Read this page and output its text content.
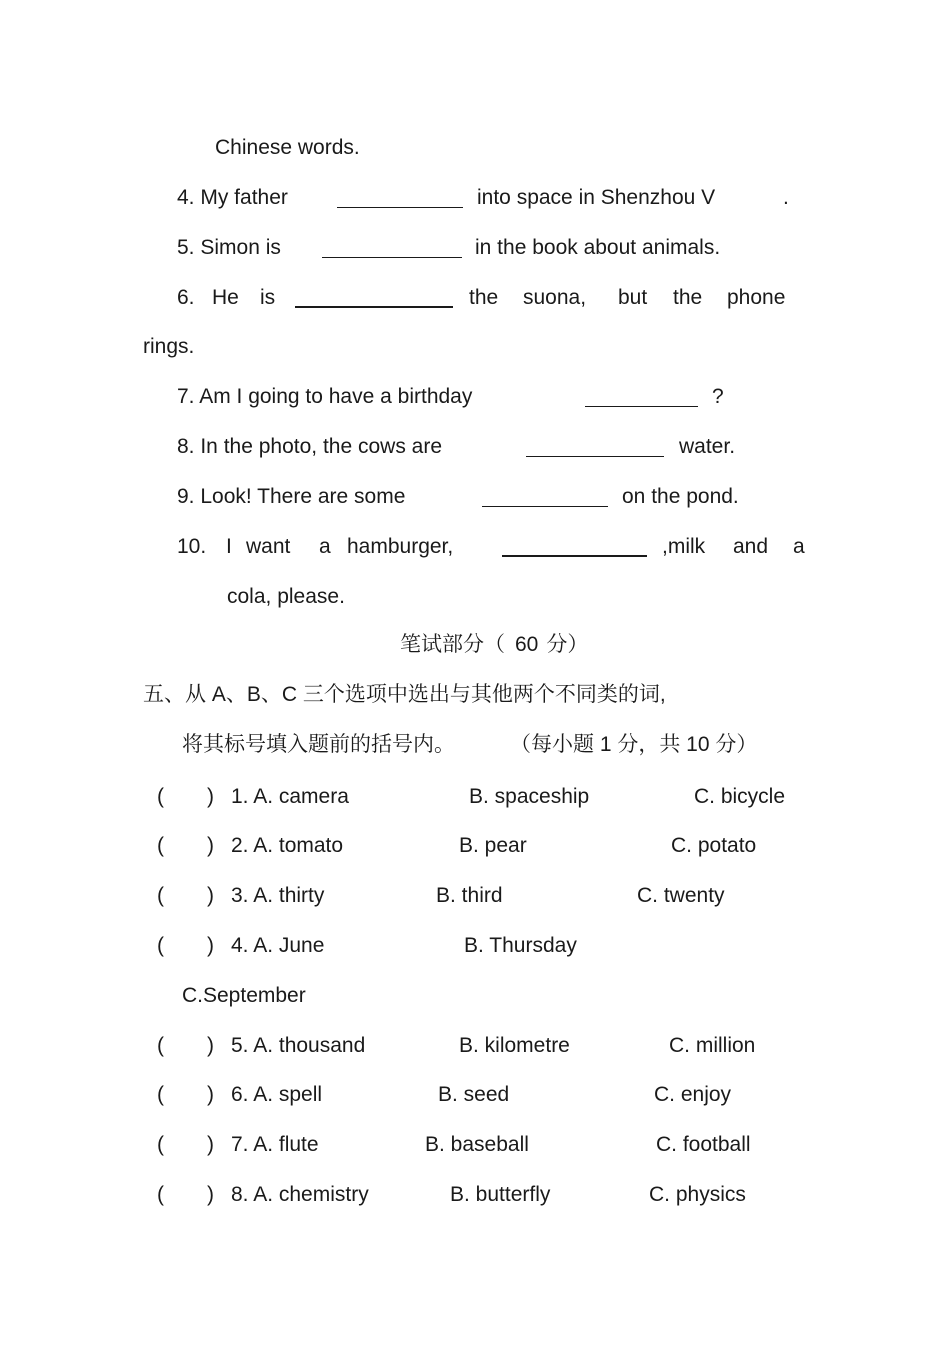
Chinese words.
4. My father	into space in Shenzhou V	.
5. Simon is	in the book about animals.
6. He is	the suona, but the phone
rings.
7. Am I going to have a birthday	?
8. In the photo, the cows are	water.
9. Look! There are some	on the pond.
10. I want a hamburger,	,milk and a
cola, please.
笔试部分（ 60 分）
五、从 A、B、C 三个选项中选出与其他两个不同类的词,
将其标号填入题前的括号内。	（每小题 1 分，共 10 分）
( ) 1. A. camera	B. spaceship	C. bicycle
( ) 2. A. tomato	B. pear	C. potato
( ) 3. A. thirty	B. third	C. twenty
( ) 4. A. June	B. Thursday
C.September
( ) 5. A. thousand	B. kilometre	C. million
( ) 6. A. spell	B. seed	C. enjoy
( ) 7. A. flute	B. baseball	C. football
( ) 8. A. chemistry	B. butterfly	C. physics
